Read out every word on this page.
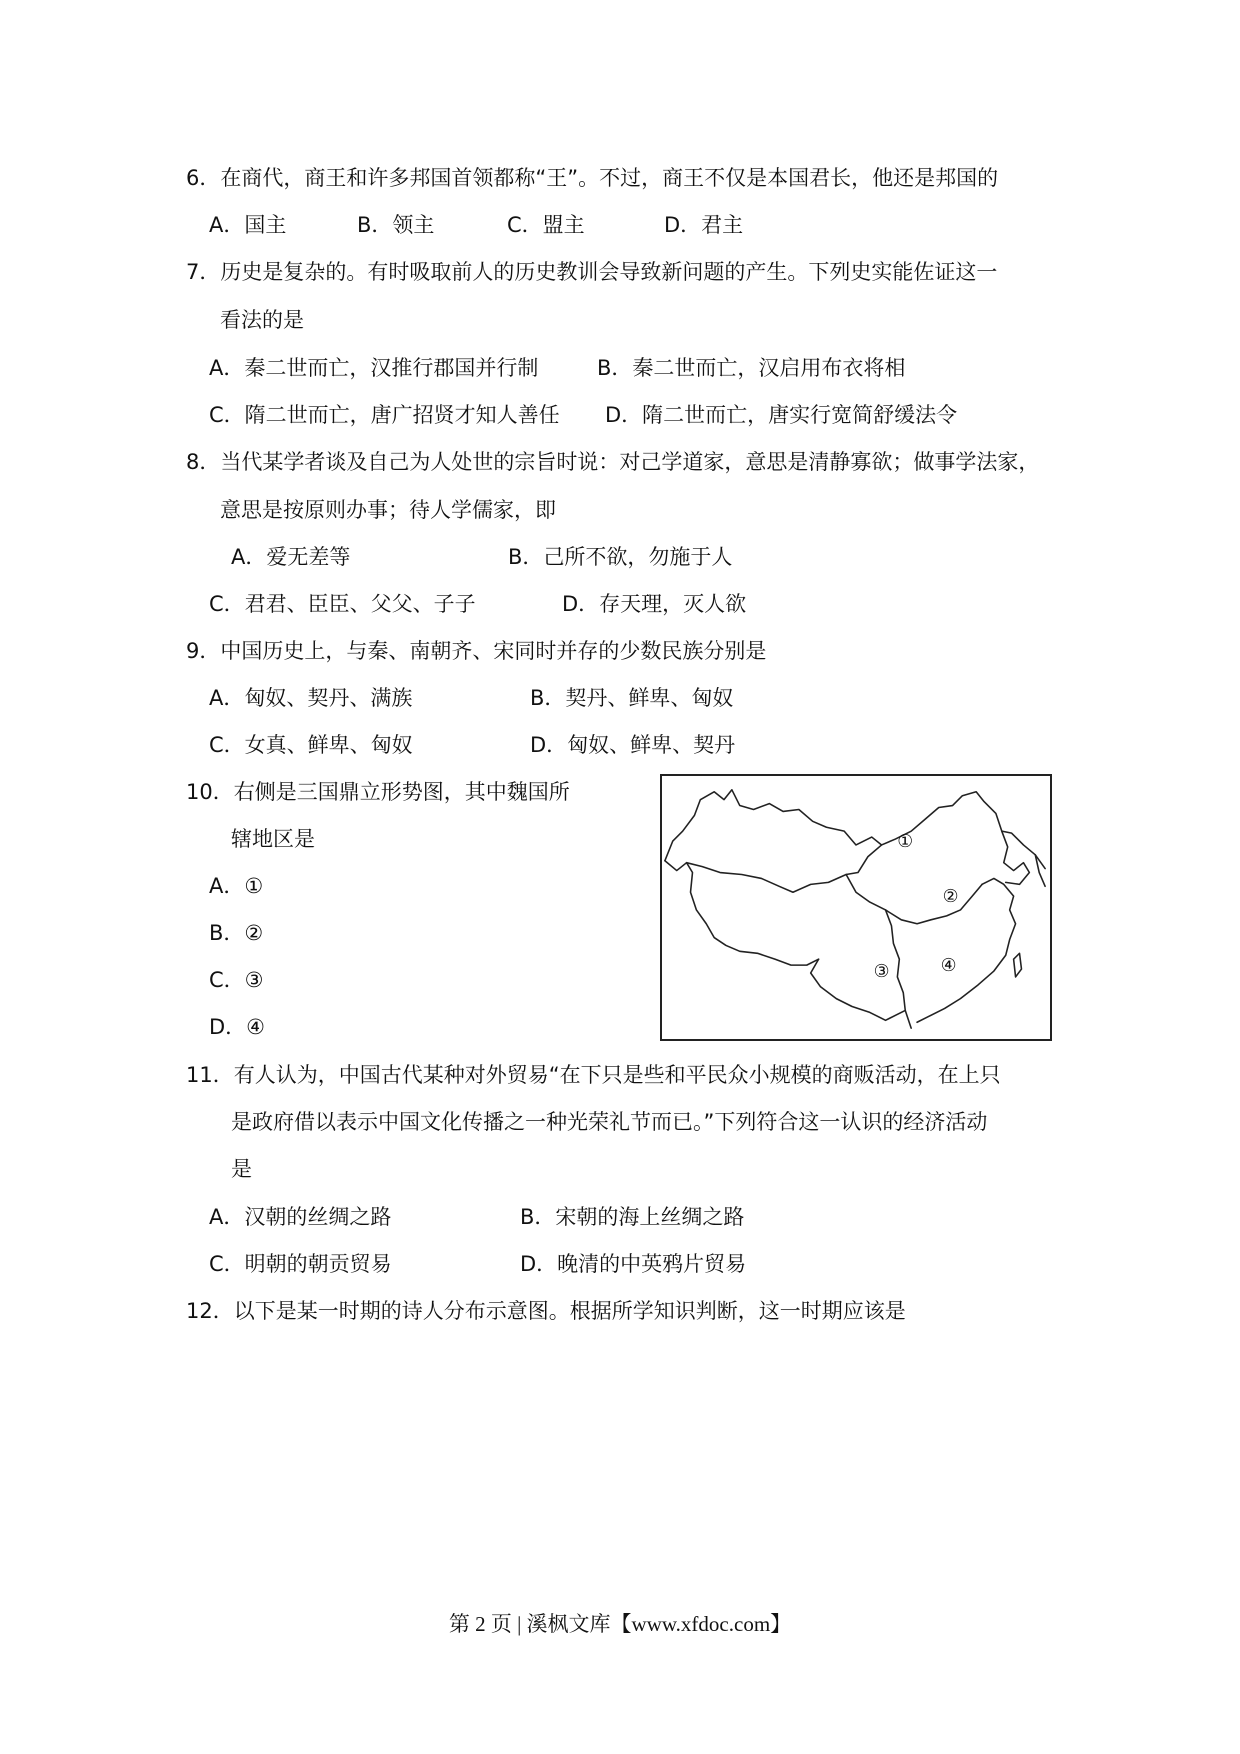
6．在商代，商王和许多邦国首领都称“王”。不过，商王不仅是本国君长，他还是邦国的
A．国主	B．领主	C．盟主	D．君主
7．历史是复杂的。有时吸取前人的历史教训会导致新问题的产生。下列史实能佐证这一
看法的是
A．秦二世而亡，汉推行郡国并行制	B．秦二世而亡，汉启用布衣将相
C．隋二世而亡，唐广招贤才知人善任 D．隋二世而亡，唐实行宽简舒缓法令
8．当代某学者谈及自己为人处世的宗旨时说：对己学道家，意思是清静寡欲；做事学法家，
意思是按原则办事；待人学儒家，即
A．爱无差等	B．己所不欲，勿施于人
C．君君、臣臣、父父、子子	D．存天理，灭人欲
9．中国历史上，与秦、南朝齐、宋同时并存的少数民族分别是
A．匈奴、契丹、满族	B．契丹、鲜卑、匈奴
C．女真、鲜卑、匈奴	D．匈奴、鲜卑、契丹
10．右侧是三国鼎立形势图，其中魏国所
辖地区是
A．①
B．②
C．③
D．④
①
②
③	④
11．有人认为，中国古代某种对外贸易“在下只是些和平民众小规模的商贩活动，在上只
是政府借以表示中国文化传播之一种光荣礼节而已。”下列符合这一认识的经济活动
是
A．汉朝的丝绸之路	B．宋朝的海上丝绸之路
C．明朝的朝贡贸易	D．晚清的中英鸦片贸易
12．以下是某一时期的诗人分布示意图。根据所学知识判断，这一时期应该是
第 2 页 | 溪枫文库【www.xfdoc.com】
